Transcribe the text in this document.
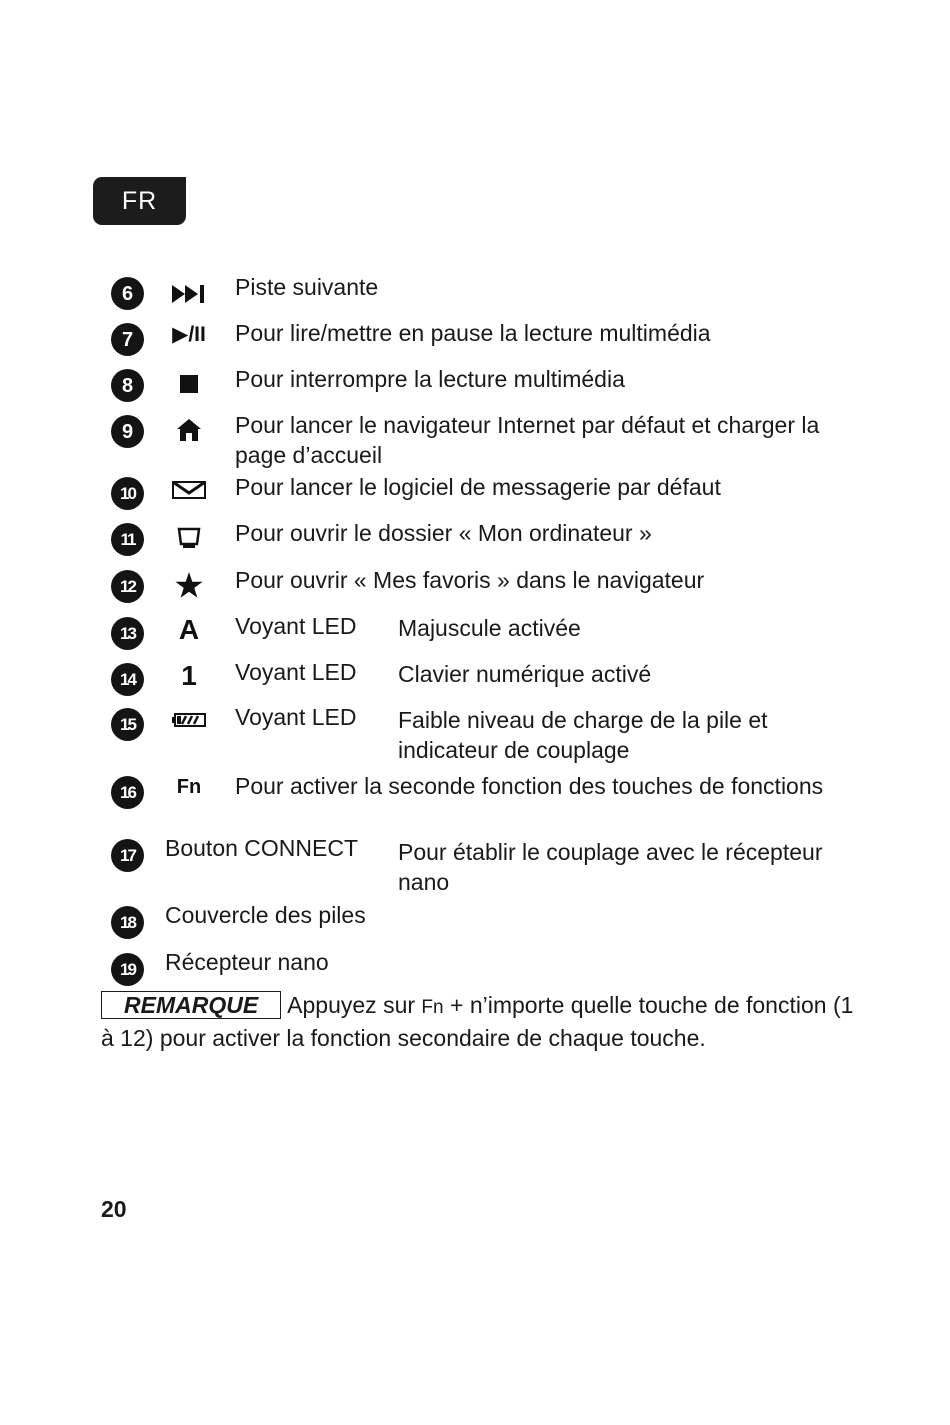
FR
6	Piste suivante
7	▶/II Pour lire/mettre en pause la lecture multimédia
8	Pour interrompre la lecture multimédia
9	Pour lancer le navigateur Internet par défaut et charger la page d’accueil
10	Pour lancer le logiciel de messagerie par défaut
11	Pour ouvrir le dossier « Mon ordinateur »
12	Pour ouvrir « Mes favoris » dans le navigateur
13	A	Voyant LED	Majuscule activée
14	1	Voyant LED	Clavier numérique activé
15	Voyant LED	Faible niveau de charge de la pile et indicateur de couplage
16	Fn	Pour activer la seconde fonction des touches de fonctions
17	Bouton CONNECT	Pour établir le couplage avec le récepteur nano
18	Couvercle des piles
19	Récepteur nano
REMARQUE Appuyez sur Fn + n’importe quelle touche de fonction (1 à 12) pour activer la fonction secondaire de chaque touche.
20
